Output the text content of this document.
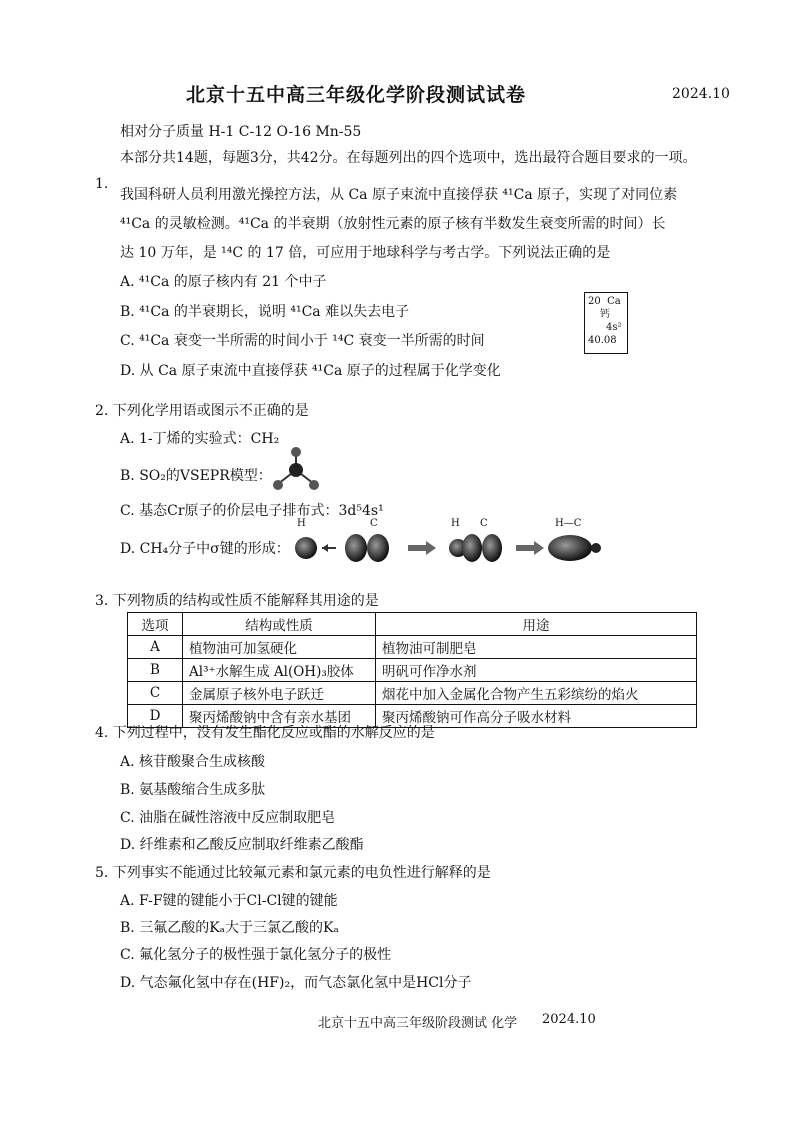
北京十五中高三年级化学阶段测试试卷	2024.10
相对分子质量 H-1 C-12 O-16 Mn-55
本部分共14题，每题3分，共42分。在每题列出的四个选项中，选出最符合题目要求的一项。
1.
我国科研人员利用激光操控方法，从 Ca 原子束流中直接俘获 ⁴¹Ca 原子，实现了对同位素
⁴¹Ca 的灵敏检测。⁴¹Ca 的半衰期（放射性元素的原子核有半数发生衰变所需的时间）长
达 10 万年，是 ¹⁴C 的 17 倍，可应用于地球科学与考古学。下列说法正确的是
A. ⁴¹Ca 的原子核内有 21 个中子
B. ⁴¹Ca 的半衰期长，说明 ⁴¹Ca 难以失去电子
C. ⁴¹Ca 衰变一半所需的时间小于 ¹⁴C 衰变一半所需的时间
D. 从 Ca 原子束流中直接俘获 ⁴¹Ca 原子的过程属于化学变化
20 Ca
钙
4s²
40.08
2. 下列化学用语或图示不正确的是
A. 1-丁烯的实验式：CH₂
B. SO₂的VSEPR模型：
C. 基态Cr原子的价层电子排布式：3d⁵4s¹
D. CH₄分子中σ键的形成：
H	C	H C	H—C
3. 下列物质的结构或性质不能解释其用途的是
选项	结构或性质	用途
A	植物油可加氢硬化	植物油可制肥皂
B	Al³⁺水解生成 Al(OH)₃胶体	明矾可作净水剂
C	金属原子核外电子跃迁	烟花中加入金属化合物产生五彩缤纷的焰火
D	聚丙烯酸钠中含有亲水基团	聚丙烯酸钠可作高分子吸水材料
4. 下列过程中，没有发生酯化反应或酯的水解反应的是
A. 核苷酸聚合生成核酸
B. 氨基酸缩合生成多肽
C. 油脂在碱性溶液中反应制取肥皂
D. 纤维素和乙酸反应制取纤维素乙酸酯
5. 下列事实不能通过比较氟元素和氯元素的电负性进行解释的是
A. F-F键的键能小于Cl-Cl键的键能
B. 三氟乙酸的Kₐ大于三氯乙酸的Kₐ
C. 氟化氢分子的极性强于氯化氢分子的极性
D. 气态氟化氢中存在(HF)₂，而气态氯化氢中是HCl分子
北京十五中高三年级阶段测试 化学 2024.10
